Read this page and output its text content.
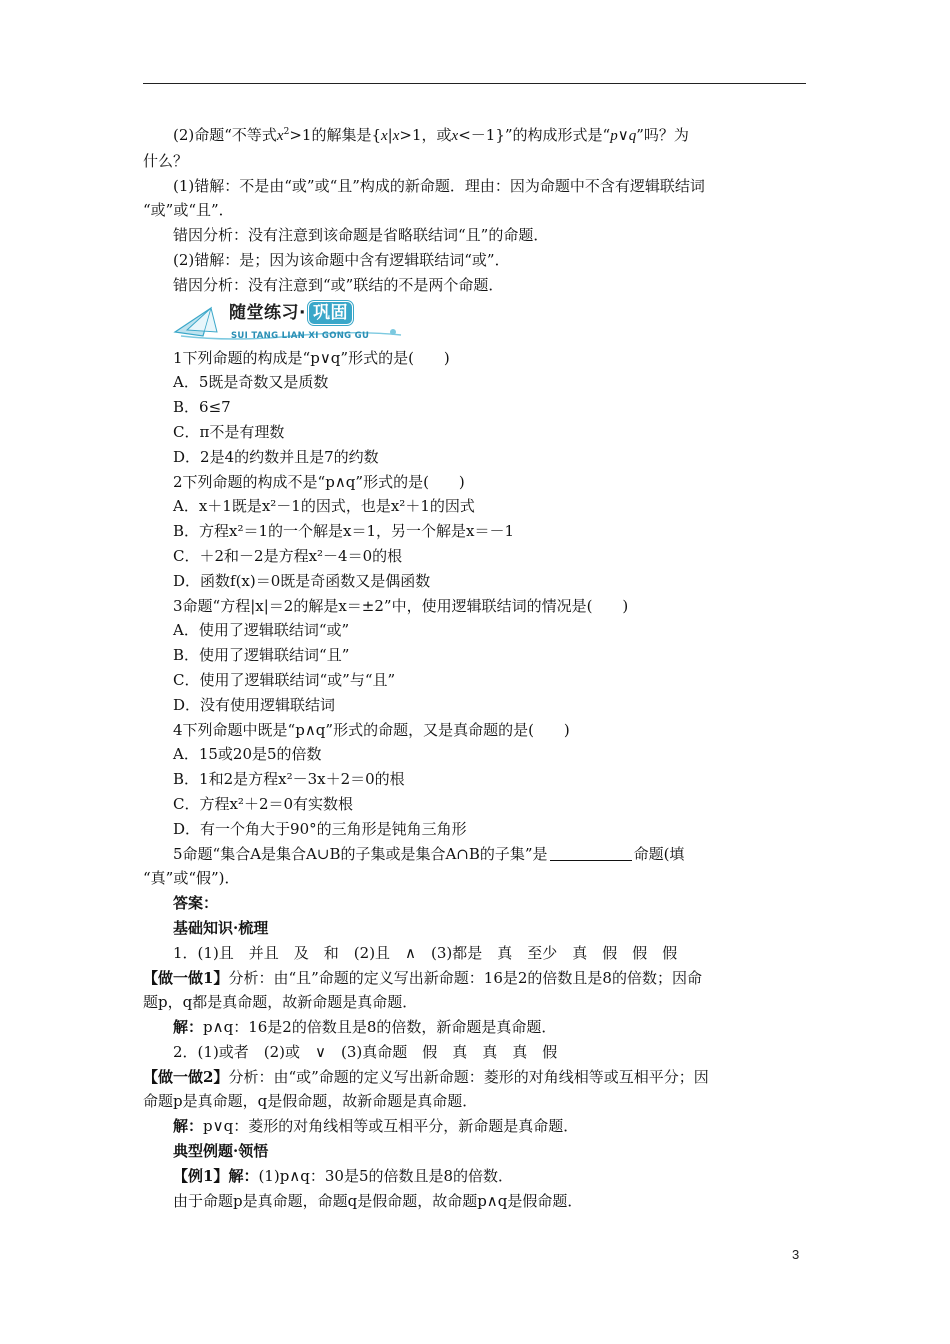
(2)命题“不等式$x^2>1$的解集是{x|x>1，或x<－1}”的构成形式是“p∨q”吗？为

什么？

(1)错解：不是由“或”或“且”构成的新命题．理由：因为命题中不含有逻辑联结词

“或”或“且”．

错因分析：没有注意到该命题是省略联结词“且”的命题．

(2)错解：是；因为该命题中含有逻辑联结词“或”．

错因分析：没有注意到“或”联结的不是两个命题．

随堂练习· 巩固
SUI TANG LIAN XI GONG GU

1下列命题的构成是“p∨q”形式的是(　　)

A．5既是奇数又是质数

B．6≤7

C．π不是有理数

D．2是4的约数并且是7的约数

2下列命题的构成不是“p∧q”形式的是(　　)

A．x＋1既是x²－1的因式，也是x²＋1的因式

B．方程x²＝1的一个解是x＝1，另一个解是x＝－1

C．＋2和－2是方程x²－4＝0的根

D．函数f(x)＝0既是奇函数又是偶函数

3命题“方程|x|＝2的解是x＝±2”中，使用逻辑联结词的情况是(　　)

A．使用了逻辑联结词“或”

B．使用了逻辑联结词“且”

C．使用了逻辑联结词“或”与“且”

D．没有使用逻辑联结词

4下列命题中既是“p∧q”形式的命题，又是真命题的是(　　)

A．15或20是5的倍数

B．1和2是方程x²－3x＋2＝0的根

C．方程x²＋2＝0有实数根

D．有一个角大于90°的三角形是钝角三角形

5命题“集合A是集合A∪B的子集或是集合A∩B的子集”是	命题(填

“真”或“假”)．

答案：

基础知识·梳理

1．(1)且　并且　及　和　(2)且　∧　(3)都是　真　至少　真　假　假　假

【做一做1】分析：由“且”命题的定义写出新命题：16是2的倍数且是8的倍数；因命

题p，q都是真命题，故新命题是真命题．

解：p∧q：16是2的倍数且是8的倍数，新命题是真命题．

2．(1)或者　(2)或　∨　(3)真命题　假　真　真　真　假

【做一做2】分析：由“或”命题的定义写出新命题：菱形的对角线相等或互相平分；因

命题p是真命题，q是假命题，故新命题是真命题．

解：p∨q：菱形的对角线相等或互相平分，新命题是真命题．

典型例题·领悟

【例1】解：(1)p∧q：30是5的倍数且是8的倍数．

由于命题p是真命题，命题q是假命题，故命题p∧q是假命题．

3
